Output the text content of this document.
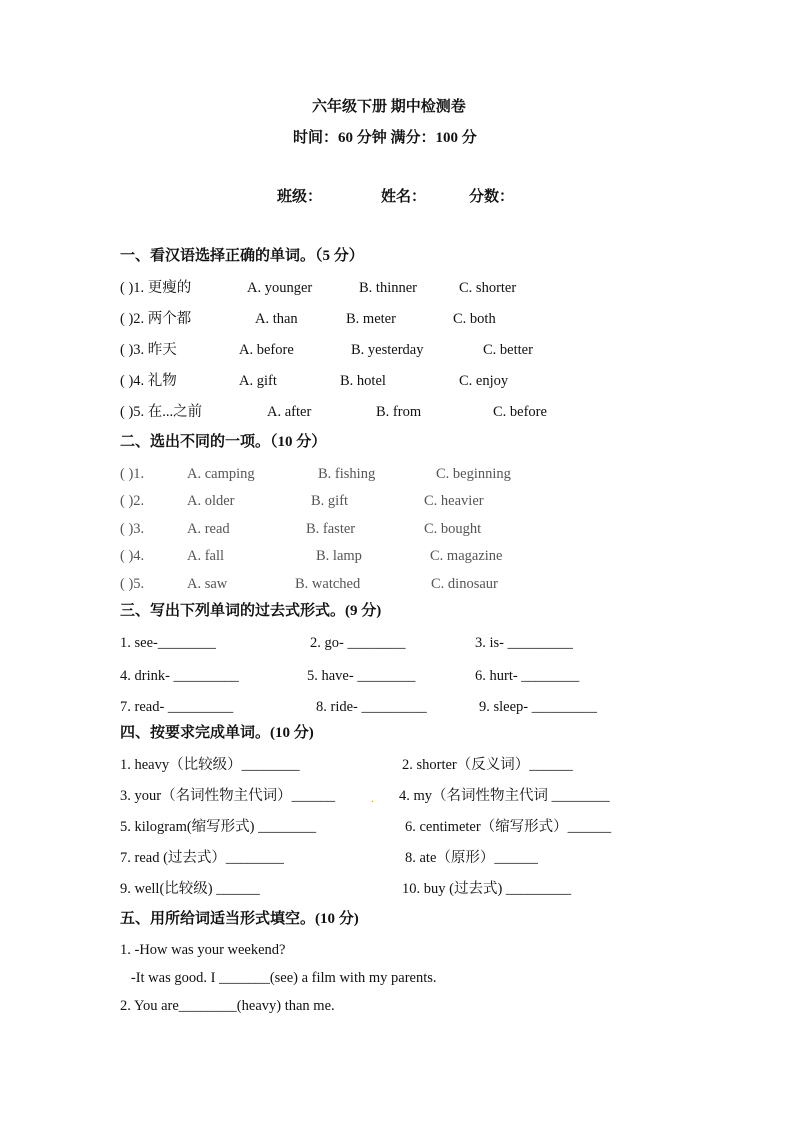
六年级下册 期中检测卷
时间：60 分钟 满分：100 分
班级：	姓名：	分数：
一、看汉语选择正确的单词。（5 分）
( )1. 更瘦的	A. younger	B. thinner	C. shorter
( )2. 两个都	A. than	B. meter	C. both
( )3. 昨天	A. before	B. yesterday	C. better
( )4. 礼物	A. gift	B. hotel	C. enjoy
( )5. 在...之前	A. after	B. from	C. before
二、选出不同的一项。（10 分）
( )1.	A. camping	B. fishing	C. beginning
( )2.	A. older	B. gift	C. heavier
( )3.	A. read	B. faster	C. bought
( )4.	A. fall	B. lamp	C. magazine
( )5.	A. saw	B. watched	C. dinosaur
三、写出下列单词的过去式形式。(9 分)
1. see-________	2. go- ________	3. is- _________
4. drink- _________	5. have- ________	6. hurt- ________
7. read- _________	8. ride- _________	9. sleep- _________
四、按要求完成单词。(10 分)
1. heavy（比较级）________	2. shorter（反义词）______
3. your（名词性物主代词）______	. 4. my（名词性物主代词 ________
5. kilogram(缩写形式) ________	6. centimeter（缩写形式）______
7. read (过去式）________	8. ate（原形）______
9. well(比较级) ______	10. buy (过去式) _________
五、用所给词适当形式填空。(10 分)
1. -How was your weekend?
-It was good. I _______(see) a film with my parents.
2. You are________(heavy) than me.
